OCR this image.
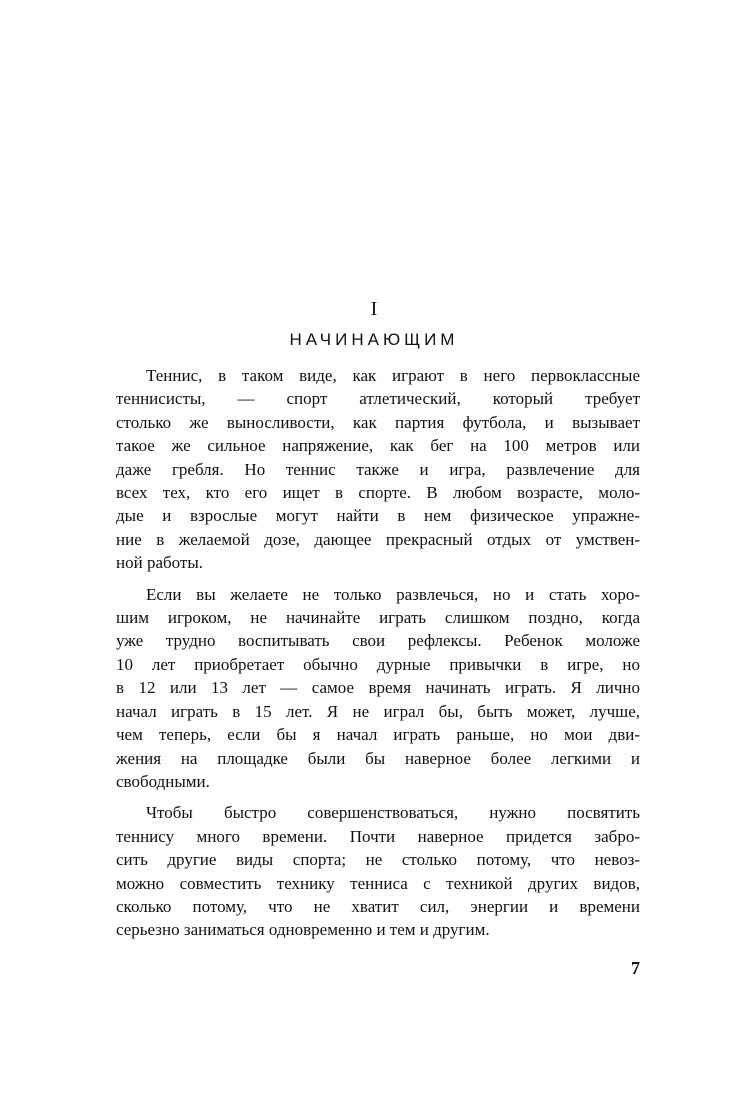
I
НАЧИНАЮЩИМ

Теннис, в таком виде, как играют в него первоклассные
теннисисты, — спорт атлетический, который требует
столько же выносливости, как партия футбола, и вызывает
такое же сильное напряжение, как бег на 100 метров или
даже гребля. Но теннис также и игра, развлечение для
всех тех, кто его ищет в спорте. В любом возрасте, моло-
дые и взрослые могут найти в нем физическое упражне-
ние в желаемой дозе, дающее прекрасный отдых от умствен-
ной работы.

Если вы желаете не только развлечься, но и стать хоро-
шим игроком, не начинайте играть слишком поздно, когда
уже трудно воспитывать свои рефлексы. Ребенок моложе
10 лет приобретает обычно дурные привычки в игре, но
в 12 или 13 лет — самое время начинать играть. Я лично
начал играть в 15 лет. Я не играл бы, быть может, лучше,
чем теперь, если бы я начал играть раньше, но мои дви-
жения на площадке были бы наверное более легкими и
свободными.

Чтобы быстро совершенствоваться, нужно посвятить
теннису много времени. Почти наверное придется забро-
сить другие виды спорта; не столько потому, что невоз-
можно совместить технику тенниса с техникой других видов,
сколько потому, что не хватит сил, энергии и времени
серьезно заниматься одновременно и тем и другим.

7
